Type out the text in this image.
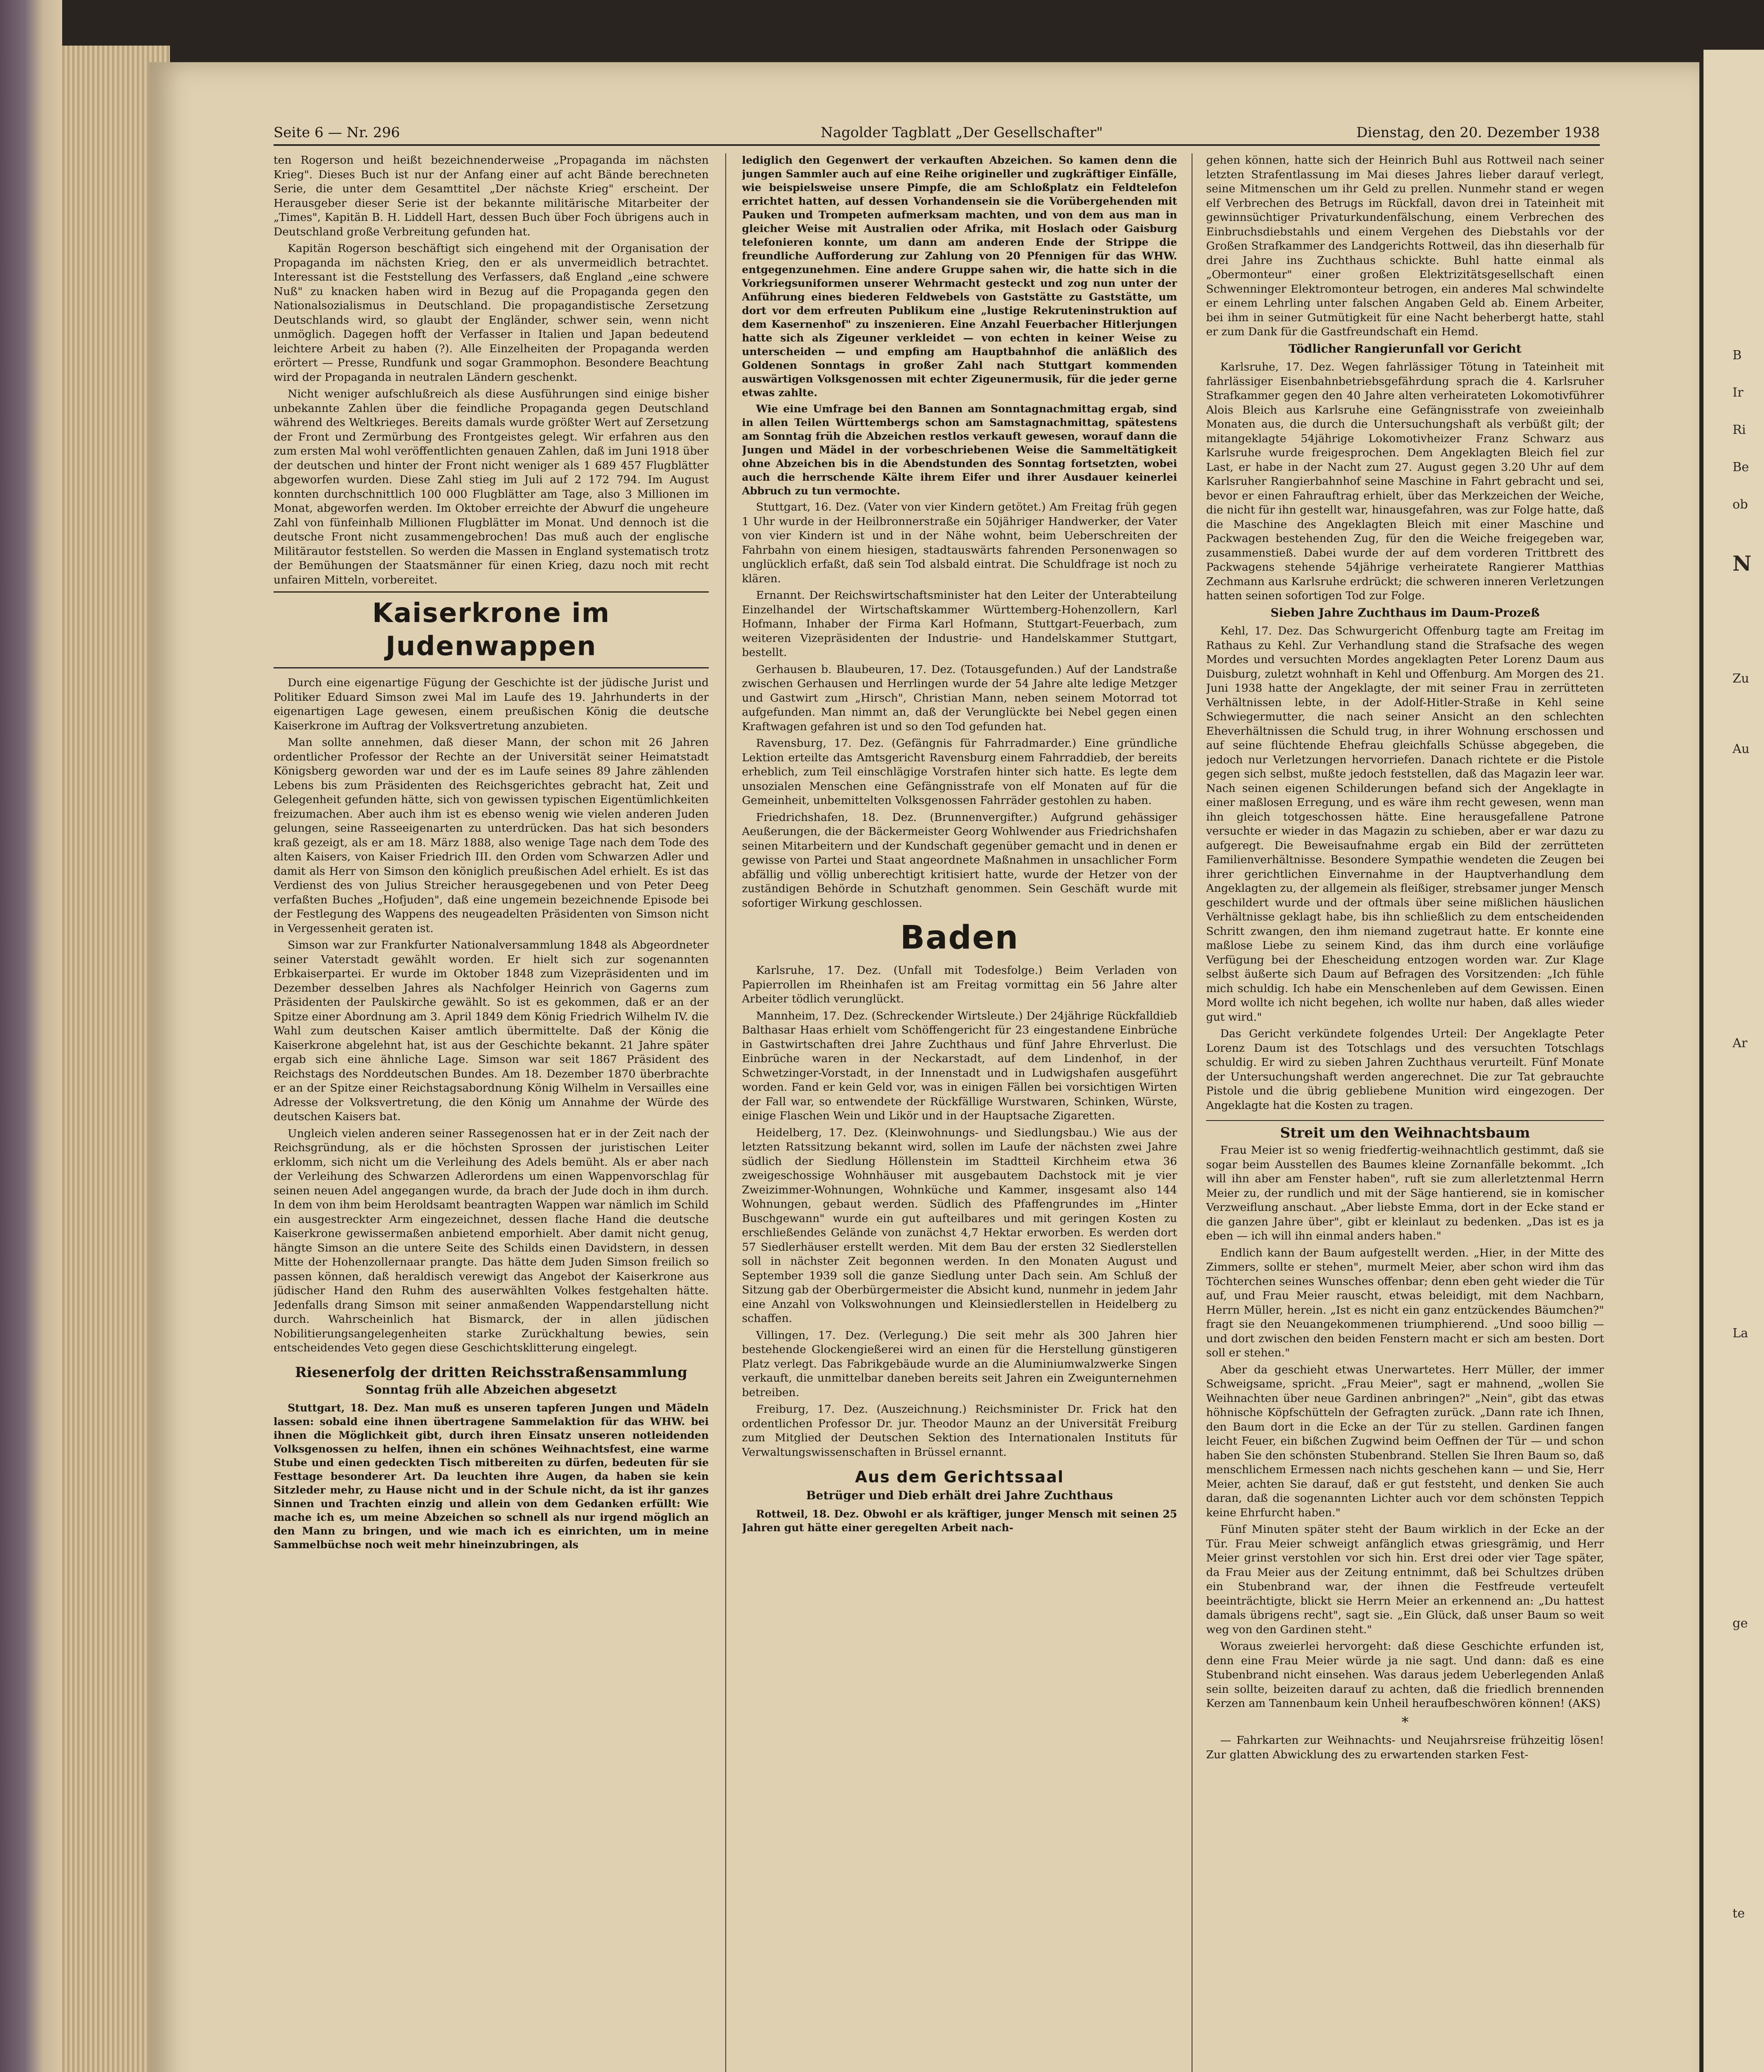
B
Ir
Ri
Be
ob
N
Zu
Au
Ar
La
ge
te
Seite 6 — Nr. 296	Nagolder Tagblatt „Der Gesellschafter"	Dienstag, den 20. Dezember 1938

ten Rogerson und heißt bezeichnenderweise „Propaganda im nächsten Krieg". Dieses Buch ist nur der Anfang einer auf acht Bände berechneten Serie, die unter dem Gesamttitel „Der nächste Krieg" erscheint. Der Herausgeber dieser Serie ist der bekannte militärische Mitarbeiter der „Times", Kapitän B. H. Liddell Hart, dessen Buch über Foch übrigens auch in Deutschland große Verbreitung gefunden hat.

Kapitän Rogerson beschäftigt sich eingehend mit der Organisation der Propaganda im nächsten Krieg, den er als unvermeidlich betrachtet. Interessant ist die Feststellung des Verfassers, daß England „eine schwere Nuß" zu knacken haben wird in Bezug auf die Propaganda gegen den Nationalsozialismus in Deutschland. Die propagandistische Zersetzung Deutschlands wird, so glaubt der Engländer, schwer sein, wenn nicht unmöglich. Dagegen hofft der Verfasser in Italien und Japan bedeutend leichtere Arbeit zu haben (?). Alle Einzelheiten der Propaganda werden erörtert — Presse, Rundfunk und sogar Grammophon. Besondere Beachtung wird der Propaganda in neutralen Ländern geschenkt.

Nicht weniger aufschlußreich als diese Ausführungen sind einige bisher unbekannte Zahlen über die feindliche Propaganda gegen Deutschland während des Weltkrieges. Bereits damals wurde größter Wert auf Zersetzung der Front und Zermürbung des Frontgeistes gelegt. Wir erfahren aus den zum ersten Mal wohl veröffentlichten genauen Zahlen, daß im Juni 1918 über der deutschen und hinter der Front nicht weniger als 1 689 457 Flugblätter abgeworfen wurden. Diese Zahl stieg im Juli auf 2 172 794. Im August konnten durchschnittlich 100 000 Flugblätter am Tage, also 3 Millionen im Monat, abgeworfen werden. Im Oktober erreichte der Abwurf die ungeheure Zahl von fünfeinhalb Millionen Flugblätter im Monat. Und dennoch ist die deutsche Front nicht zusammengebrochen! Das muß auch der englische Militärautor feststellen. So werden die Massen in England systematisch trotz der Bemühungen der Staatsmänner für einen Krieg, dazu noch mit recht unfairen Mitteln, vorbereitet.

Kaiserkrone im Judenwappen

Durch eine eigenartige Fügung der Geschichte ist der jüdische Jurist und Politiker Eduard Simson zwei Mal im Laufe des 19. Jahrhunderts in der eigenartigen Lage gewesen, einem preußischen König die deutsche Kaiserkrone im Auftrag der Volksvertretung anzubieten.

Man sollte annehmen, daß dieser Mann, der schon mit 26 Jahren ordentlicher Professor der Rechte an der Universität seiner Heimatstadt Königsberg geworden war und der es im Laufe seines 89 Jahre zählenden Lebens bis zum Präsidenten des Reichsgerichtes gebracht hat, Zeit und Gelegenheit gefunden hätte, sich von gewissen typischen Eigentümlichkeiten freizumachen. Aber auch ihm ist es ebenso wenig wie vielen anderen Juden gelungen, seine Rasseeigenarten zu unterdrücken. Das hat sich besonders kraß gezeigt, als er am 18. März 1888, also wenige Tage nach dem Tode des alten Kaisers, von Kaiser Friedrich III. den Orden vom Schwarzen Adler und damit als Herr von Simson den königlich preußischen Adel erhielt. Es ist das Verdienst des von Julius Streicher herausgegebenen und von Peter Deeg verfaßten Buches „Hofjuden", daß eine ungemein bezeichnende Episode bei der Festlegung des Wappens des neugeadelten Präsidenten von Simson nicht in Vergessenheit geraten ist.

Simson war zur Frankfurter Nationalversammlung 1848 als Abgeordneter seiner Vaterstadt gewählt worden. Er hielt sich zur sogenannten Erbkaiserpartei. Er wurde im Oktober 1848 zum Vizepräsidenten und im Dezember desselben Jahres als Nachfolger Heinrich von Gagerns zum Präsidenten der Paulskirche gewählt. So ist es gekommen, daß er an der Spitze einer Abordnung am 3. April 1849 dem König Friedrich Wilhelm IV. die Wahl zum deutschen Kaiser amtlich übermittelte. Daß der König die Kaiserkrone abgelehnt hat, ist aus der Geschichte bekannt. 21 Jahre später ergab sich eine ähnliche Lage. Simson war seit 1867 Präsident des Reichstags des Norddeutschen Bundes. Am 18. Dezember 1870 überbrachte er an der Spitze einer Reichstagsabordnung König Wilhelm in Versailles eine Adresse der Volksvertretung, die den König um Annahme der Würde des deutschen Kaisers bat.

Ungleich vielen anderen seiner Rassegenossen hat er in der Zeit nach der Reichsgründung, als er die höchsten Sprossen der juristischen Leiter erklomm, sich nicht um die Verleihung des Adels bemüht. Als er aber nach der Verleihung des Schwarzen Adlerordens um einen Wappenvorschlag für seinen neuen Adel angegangen wurde, da brach der Jude doch in ihm durch. In dem von ihm beim Heroldsamt beantragten Wappen war nämlich im Schild ein ausgestreckter Arm eingezeichnet, dessen flache Hand die deutsche Kaiserkrone gewissermaßen anbietend emporhielt. Aber damit nicht genug, hängte Simson an die untere Seite des Schilds einen Davidstern, in dessen Mitte der Hohenzollernaar prangte. Das hätte dem Juden Simson freilich so passen können, daß heraldisch verewigt das Angebot der Kaiserkrone aus jüdischer Hand den Ruhm des auserwählten Volkes festgehalten hätte. Jedenfalls drang Simson mit seiner anmaßenden Wappendarstellung nicht durch. Wahrscheinlich hat Bismarck, der in allen jüdischen Nobilitierungsangelegenheiten starke Zurückhaltung bewies, sein entscheidendes Veto gegen diese Geschichtsklitterung eingelegt.

Riesenerfolg der dritten Reichsstraßensammlung
Sonntag früh alle Abzeichen abgesetzt

Stuttgart, 18. Dez. Man muß es unseren tapferen Jungen und Mädeln lassen: sobald eine ihnen übertragene Sammelaktion für das WHW. bei ihnen die Möglichkeit gibt, durch ihren Einsatz unseren notleidenden Volksgenossen zu helfen, ihnen ein schönes Weihnachtsfest, eine warme Stube und einen gedeckten Tisch mitbereiten zu dürfen, bedeuten für sie Festtage besonderer Art. Da leuchten ihre Augen, da haben sie kein Sitzleder mehr, zu Hause nicht und in der Schule nicht, da ist ihr ganzes Sinnen und Trachten einzig und allein von dem Gedanken erfüllt: Wie mache ich es, um meine Abzeichen so schnell als nur irgend möglich an den Mann zu bringen, und wie mach ich es einrichten, um in meine Sammelbüchse noch weit mehr hineinzubringen, als

lediglich den Gegenwert der verkauften Abzeichen. So kamen denn die jungen Sammler auch auf eine Reihe origineller und zugkräftiger Einfälle, wie beispielsweise unsere Pimpfe, die am Schloßplatz ein Feldtelefon errichtet hatten, auf dessen Vorhandensein sie die Vorübergehenden mit Pauken und Trompeten aufmerksam machten, und von dem aus man in gleicher Weise mit Australien oder Afrika, mit Hoslach oder Gaisburg telefonieren konnte, um dann am anderen Ende der Strippe die freundliche Aufforderung zur Zahlung von 20 Pfennigen für das WHW. entgegenzunehmen. Eine andere Gruppe sahen wir, die hatte sich in die Vorkriegsuniformen unserer Wehrmacht gesteckt und zog nun unter der Anführung eines biederen Feldwebels von Gaststätte zu Gaststätte, um dort vor dem erfreuten Publikum eine „lustige Rekruteninstruktion auf dem Kasernenhof" zu inszenieren. Eine Anzahl Feuerbacher Hitlerjungen hatte sich als Zigeuner verkleidet — von echten in keiner Weise zu unterscheiden — und empfing am Hauptbahnhof die anläßlich des Goldenen Sonntags in großer Zahl nach Stuttgart kommenden auswärtigen Volksgenossen mit echter Zigeunermusik, für die jeder gerne etwas zahlte.

Wie eine Umfrage bei den Bannen am Sonntagnachmittag ergab, sind in allen Teilen Württembergs schon am Samstagnachmittag, spätestens am Sonntag früh die Abzeichen restlos verkauft gewesen, worauf dann die Jungen und Mädel in der vorbeschriebenen Weise die Sammeltätigkeit ohne Abzeichen bis in die Abendstunden des Sonntag fortsetzten, wobei auch die herrschende Kälte ihrem Eifer und ihrer Ausdauer keinerlei Abbruch zu tun vermochte.

Stuttgart, 16. Dez. (Vater von vier Kindern getötet.) Am Freitag früh gegen 1 Uhr wurde in der Heilbronnerstraße ein 50jähriger Handwerker, der Vater von vier Kindern ist und in der Nähe wohnt, beim Ueberschreiten der Fahrbahn von einem hiesigen, stadtauswärts fahrenden Personenwagen so unglücklich erfaßt, daß sein Tod alsbald eintrat. Die Schuldfrage ist noch zu klären.

Ernannt. Der Reichswirtschaftsminister hat den Leiter der Unterabteilung Einzelhandel der Wirtschaftskammer Württemberg-Hohenzollern, Karl Hofmann, Inhaber der Firma Karl Hofmann, Stuttgart-Feuerbach, zum weiteren Vizepräsidenten der Industrie- und Handelskammer Stuttgart, bestellt.

Gerhausen b. Blaubeuren, 17. Dez. (Totausgefunden.) Auf der Landstraße zwischen Gerhausen und Herrlingen wurde der 54 Jahre alte ledige Metzger und Gastwirt zum „Hirsch", Christian Mann, neben seinem Motorrad tot aufgefunden. Man nimmt an, daß der Verunglückte bei Nebel gegen einen Kraftwagen gefahren ist und so den Tod gefunden hat.

Ravensburg, 17. Dez. (Gefängnis für Fahrradmarder.) Eine gründliche Lektion erteilte das Amtsgericht Ravensburg einem Fahrraddieb, der bereits erheblich, zum Teil einschlägige Vorstrafen hinter sich hatte. Es legte dem unsozialen Menschen eine Gefängnisstrafe von elf Monaten auf für die Gemeinheit, unbemittelten Volksgenossen Fahrräder gestohlen zu haben.

Friedrichshafen, 18. Dez. (Brunnenvergifter.) Aufgrund gehässiger Aeußerungen, die der Bäckermeister Georg Wohlwender aus Friedrichshafen seinen Mitarbeitern und der Kundschaft gegenüber gemacht und in denen er gewisse von Partei und Staat angeordnete Maßnahmen in unsachlicher Form abfällig und völlig unberechtigt kritisiert hatte, wurde der Hetzer von der zuständigen Behörde in Schutzhaft genommen. Sein Geschäft wurde mit sofortiger Wirkung geschlossen.

Baden

Karlsruhe, 17. Dez. (Unfall mit Todesfolge.) Beim Verladen von Papierrollen im Rheinhafen ist am Freitag vormittag ein 56 Jahre alter Arbeiter tödlich verunglückt.

Mannheim, 17. Dez. (Schreckender Wirtsleute.) Der 24jährige Rückfalldieb Balthasar Haas erhielt vom Schöffengericht für 23 eingestandene Einbrüche in Gastwirtschaften drei Jahre Zuchthaus und fünf Jahre Ehrverlust. Die Einbrüche waren in der Neckarstadt, auf dem Lindenhof, in der Schwetzinger-Vorstadt, in der Innenstadt und in Ludwigshafen ausgeführt worden. Fand er kein Geld vor, was in einigen Fällen bei vorsichtigen Wirten der Fall war, so entwendete der Rückfällige Wurstwaren, Schinken, Würste, einige Flaschen Wein und Likör und in der Hauptsache Zigaretten.

Heidelberg, 17. Dez. (Kleinwohnungs- und Siedlungsbau.) Wie aus der letzten Ratssitzung bekannt wird, sollen im Laufe der nächsten zwei Jahre südlich der Siedlung Höllenstein im Stadtteil Kirchheim etwa 36 zweigeschossige Wohnhäuser mit ausgebautem Dachstock mit je vier Zweizimmer-Wohnungen, Wohnküche und Kammer, insgesamt also 144 Wohnungen, gebaut werden. Südlich des Pfaffengrundes im „Hinter Buschgewann" wurde ein gut aufteilbares und mit geringen Kosten zu erschließendes Gelände von zunächst 4,7 Hektar erworben. Es werden dort 57 Siedlerhäuser erstellt werden. Mit dem Bau der ersten 32 Siedlerstellen soll in nächster Zeit begonnen werden. In den Monaten August und September 1939 soll die ganze Siedlung unter Dach sein. Am Schluß der Sitzung gab der Oberbürgermeister die Absicht kund, nunmehr in jedem Jahr eine Anzahl von Volkswohnungen und Kleinsiedlerstellen in Heidelberg zu schaffen.

Villingen, 17. Dez. (Verlegung.) Die seit mehr als 300 Jahren hier bestehende Glockengießerei wird an einen für die Herstellung günstigeren Platz verlegt. Das Fabrikgebäude wurde an die Aluminiumwalzwerke Singen verkauft, die unmittelbar daneben bereits seit Jahren ein Zweigunternehmen betreiben.

Freiburg, 17. Dez. (Auszeichnung.) Reichsminister Dr. Frick hat den ordentlichen Professor Dr. jur. Theodor Maunz an der Universität Freiburg zum Mitglied der Deutschen Sektion des Internationalen Instituts für Verwaltungswissenschaften in Brüssel ernannt.

Aus dem Gerichtssaal
Betrüger und Dieb erhält drei Jahre Zuchthaus

Rottweil, 18. Dez. Obwohl er als kräftiger, junger Mensch mit seinen 25 Jahren gut hätte einer geregelten Arbeit nach-

gehen können, hatte sich der Heinrich Buhl aus Rottweil nach seiner letzten Strafentlassung im Mai dieses Jahres lieber darauf verlegt, seine Mitmenschen um ihr Geld zu prellen. Nunmehr stand er wegen elf Verbrechen des Betrugs im Rückfall, davon drei in Tateinheit mit gewinnsüchtiger Privaturkundenfälschung, einem Verbrechen des Einbruchsdiebstahls und einem Vergehen des Diebstahls vor der Großen Strafkammer des Landgerichts Rottweil, das ihn dieserhalb für drei Jahre ins Zuchthaus schickte. Buhl hatte einmal als „Obermonteur" einer großen Elektrizitätsgesellschaft einen Schwenninger Elektromonteur betrogen, ein anderes Mal schwindelte er einem Lehrling unter falschen Angaben Geld ab. Einem Arbeiter, bei ihm in seiner Gutmütigkeit für eine Nacht beherbergt hatte, stahl er zum Dank für die Gastfreundschaft ein Hemd.

Tödlicher Rangierunfall vor Gericht

Karlsruhe, 17. Dez. Wegen fahrlässiger Tötung in Tateinheit mit fahrlässiger Eisenbahnbetriebsgefährdung sprach die 4. Karlsruher Strafkammer gegen den 40 Jahre alten verheirateten Lokomotivführer Alois Bleich aus Karlsruhe eine Gefängnisstrafe von zweieinhalb Monaten aus, die durch die Untersuchungshaft als verbüßt gilt; der mitangeklagte 54jährige Lokomotivheizer Franz Schwarz aus Karlsruhe wurde freigesprochen. Dem Angeklagten Bleich fiel zur Last, er habe in der Nacht zum 27. August gegen 3.20 Uhr auf dem Karlsruher Rangierbahnhof seine Maschine in Fahrt gebracht und sei, bevor er einen Fahrauftrag erhielt, über das Merkzeichen der Weiche, die nicht für ihn gestellt war, hinausgefahren, was zur Folge hatte, daß die Maschine des Angeklagten Bleich mit einer Maschine und Packwagen bestehenden Zug, für den die Weiche freigegeben war, zusammenstieß. Dabei wurde der auf dem vorderen Trittbrett des Packwagens stehende 54jährige verheiratete Rangierer Matthias Zechmann aus Karlsruhe erdrückt; die schweren inneren Verletzungen hatten seinen sofortigen Tod zur Folge.

Sieben Jahre Zuchthaus im Daum-Prozeß

Kehl, 17. Dez. Das Schwurgericht Offenburg tagte am Freitag im Rathaus zu Kehl. Zur Verhandlung stand die Strafsache des wegen Mordes und versuchten Mordes angeklagten Peter Lorenz Daum aus Duisburg, zuletzt wohnhaft in Kehl und Offenburg. Am Morgen des 21. Juni 1938 hatte der Angeklagte, der mit seiner Frau in zerrütteten Verhältnissen lebte, in der Adolf-Hitler-Straße in Kehl seine Schwiegermutter, die nach seiner Ansicht an den schlechten Eheverhältnissen die Schuld trug, in ihrer Wohnung erschossen und auf seine flüchtende Ehefrau gleichfalls Schüsse abgegeben, die jedoch nur Verletzungen hervorriefen. Danach richtete er die Pistole gegen sich selbst, mußte jedoch feststellen, daß das Magazin leer war. Nach seinen eigenen Schilderungen befand sich der Angeklagte in einer maßlosen Erregung, und es wäre ihm recht gewesen, wenn man ihn gleich totgeschossen hätte. Eine herausgefallene Patrone versuchte er wieder in das Magazin zu schieben, aber er war dazu zu aufgeregt. Die Beweisaufnahme ergab ein Bild der zerrütteten Familienverhältnisse. Besondere Sympathie wendeten die Zeugen bei ihrer gerichtlichen Einvernahme in der Hauptverhandlung dem Angeklagten zu, der allgemein als fleißiger, strebsamer junger Mensch geschildert wurde und der oftmals über seine mißlichen häuslichen Verhältnisse geklagt habe, bis ihn schließlich zu dem entscheidenden Schritt zwangen, den ihm niemand zugetraut hatte. Er konnte eine maßlose Liebe zu seinem Kind, das ihm durch eine vorläufige Verfügung bei der Ehescheidung entzogen worden war. Zur Klage selbst äußerte sich Daum auf Befragen des Vorsitzenden: „Ich fühle mich schuldig. Ich habe ein Menschenleben auf dem Gewissen. Einen Mord wollte ich nicht begehen, ich wollte nur haben, daß alles wieder gut wird."

Das Gericht verkündete folgendes Urteil: Der Angeklagte Peter Lorenz Daum ist des Totschlags und des versuchten Totschlags schuldig. Er wird zu sieben Jahren Zuchthaus verurteilt. Fünf Monate der Untersuchungshaft werden angerechnet. Die zur Tat gebrauchte Pistole und die übrig gebliebene Munition wird eingezogen. Der Angeklagte hat die Kosten zu tragen.

Streit um den Weihnachtsbaum

Frau Meier ist so wenig friedfertig-weihnachtlich gestimmt, daß sie sogar beim Ausstellen des Baumes kleine Zornanfälle bekommt. „Ich will ihn aber am Fenster haben", ruft sie zum allerletztenmal Herrn Meier zu, der rundlich und mit der Säge hantierend, sie in komischer Verzweiflung anschaut. „Aber liebste Emma, dort in der Ecke stand er die ganzen Jahre über", gibt er kleinlaut zu bedenken. „Das ist es ja eben — ich will ihn einmal anders haben."

Endlich kann der Baum aufgestellt werden. „Hier, in der Mitte des Zimmers, sollte er stehen", murmelt Meier, aber schon wird ihm das Töchterchen seines Wunsches offenbar; denn eben geht wieder die Tür auf, und Frau Meier rauscht, etwas beleidigt, mit dem Nachbarn, Herrn Müller, herein. „Ist es nicht ein ganz entzückendes Bäumchen?" fragt sie den Neuangekommenen triumphierend. „Und sooo billig — und dort zwischen den beiden Fenstern macht er sich am besten. Dort soll er stehen."

Aber da geschieht etwas Unerwartetes. Herr Müller, der immer Schweigsame, spricht. „Frau Meier", sagt er mahnend, „wollen Sie Weihnachten über neue Gardinen anbringen?" „Nein", gibt das etwas höhnische Köpfschütteln der Gefragten zurück. „Dann rate ich Ihnen, den Baum dort in die Ecke an der Tür zu stellen. Gardinen fangen leicht Feuer, ein bißchen Zugwind beim Oeffnen der Tür — und schon haben Sie den schönsten Stubenbrand. Stellen Sie Ihren Baum so, daß menschlichem Ermessen nach nichts geschehen kann — und Sie, Herr Meier, achten Sie darauf, daß er gut feststeht, und denken Sie auch daran, daß die sogenannten Lichter auch vor dem schönsten Teppich keine Ehrfurcht haben."

Fünf Minuten später steht der Baum wirklich in der Ecke an der Tür. Frau Meier schweigt anfänglich etwas griesgrämig, und Herr Meier grinst verstohlen vor sich hin. Erst drei oder vier Tage später, da Frau Meier aus der Zeitung entnimmt, daß bei Schultzes drüben ein Stubenbrand war, der ihnen die Festfreude verteufelt beeinträchtigte, blickt sie Herrn Meier an erkennend an: „Du hattest damals übrigens recht", sagt sie. „Ein Glück, daß unser Baum so weit weg von den Gardinen steht."

Woraus zweierlei hervorgeht: daß diese Geschichte erfunden ist, denn eine Frau Meier würde ja nie sagt. Und dann: daß es eine Stubenbrand nicht einsehen. Was daraus jedem Ueberlegenden Anlaß sein sollte, beizeiten darauf zu achten, daß die friedlich brennenden Kerzen am Tannenbaum kein Unheil heraufbeschwören können! (AKS)

*

— Fahrkarten zur Weihnachts- und Neujahrsreise frühzeitig lösen! Zur glatten Abwicklung des zu erwartenden starken Fest-
